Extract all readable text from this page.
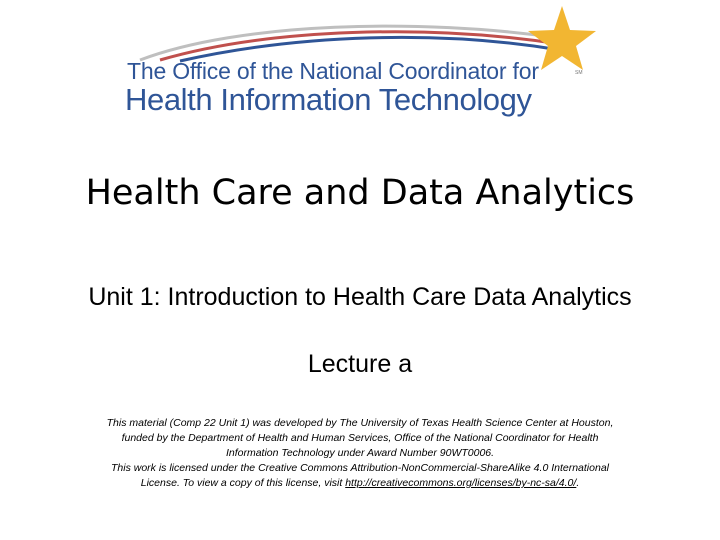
The Office of the National Coordinator for
Health Information Technology
SM
Health Care and Data Analytics
Unit 1: Introduction to Health Care Data Analytics
Lecture a
This material (Comp 22 Unit 1) was developed by The University of Texas Health Science Center at Houston,
funded by the Department of Health and Human Services, Office of the National Coordinator for Health
Information Technology under Award Number 90WT0006.
This work is licensed under the Creative Commons Attribution-NonCommercial-ShareAlike 4.0 International
License. To view a copy of this license, visit http://creativecommons.org/licenses/by-nc-sa/4.0/.
